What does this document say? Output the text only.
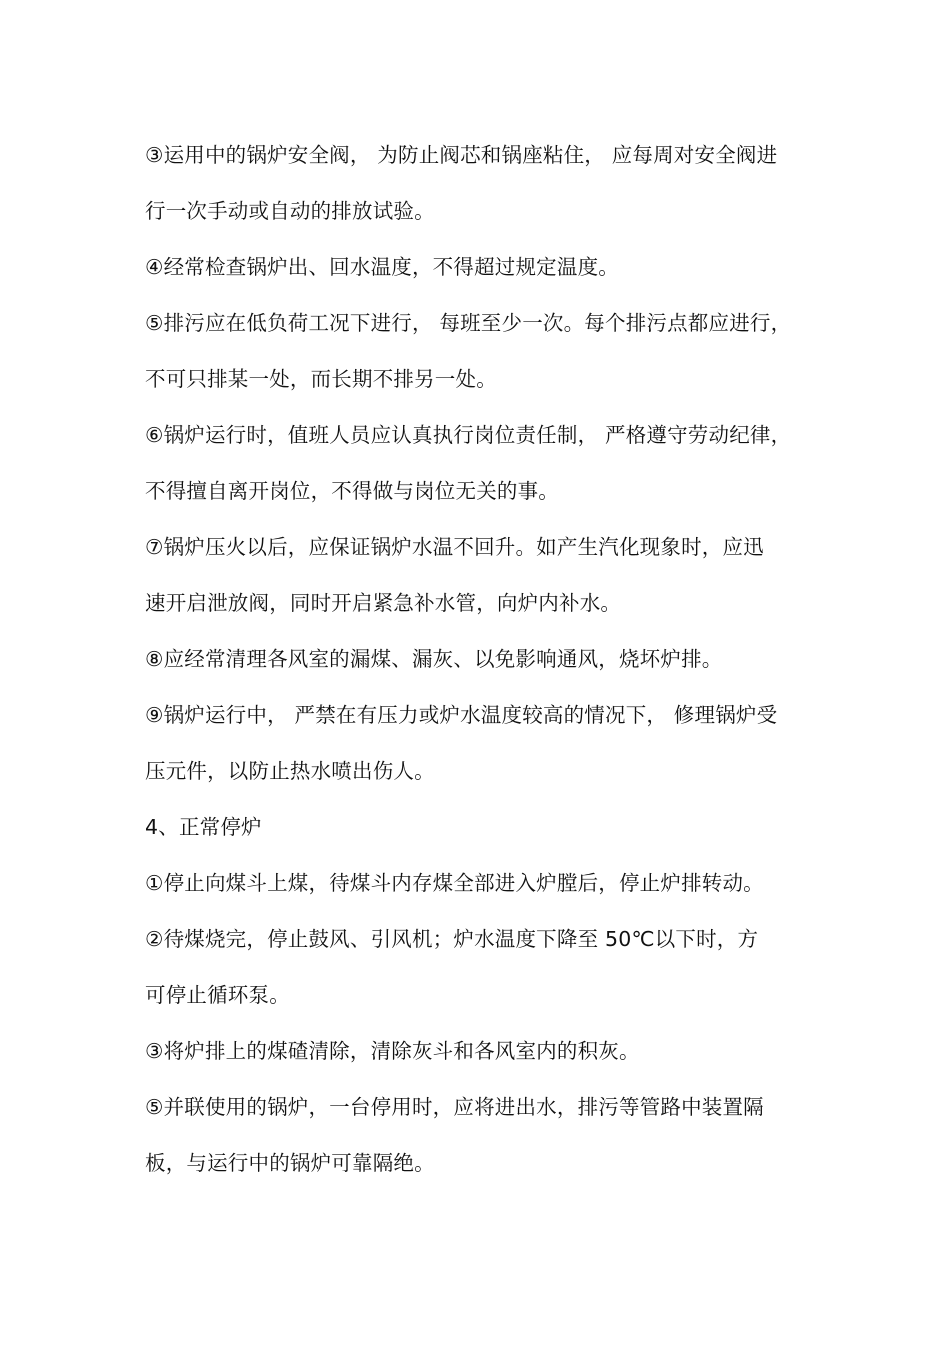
③运用中的锅炉安全阀， 为防止阀芯和锅座粘住， 应每周对安全阀进
行一次手动或自动的排放试验。
④经常检查锅炉出、回水温度，不得超过规定温度。
⑤排污应在低负荷工况下进行， 每班至少一次。每个排污点都应进行，
不可只排某一处，而长期不排另一处。
⑥锅炉运行时，值班人员应认真执行岗位责任制， 严格遵守劳动纪律，
不得擅自离开岗位，不得做与岗位无关的事。
⑦锅炉压火以后，应保证锅炉水温不回升。如产生汽化现象时，应迅
速开启泄放阀，同时开启紧急补水管，向炉内补水。
⑧应经常清理各风室的漏煤、漏灰、以免影响通风，烧坏炉排。
⑨锅炉运行中， 严禁在有压力或炉水温度较高的情况下， 修理锅炉受
压元件，以防止热水喷出伤人。
4、正常停炉
①停止向煤斗上煤，待煤斗内存煤全部进入炉膛后，停止炉排转动。
②待煤烧完，停止鼓风、引风机；炉水温度下降至 50℃以下时，方
可停止循环泵。
③将炉排上的煤碴清除，清除灰斗和各风室内的积灰。
⑤并联使用的锅炉，一台停用时，应将进出水，排污等管路中装置隔
板，与运行中的锅炉可靠隔绝。
